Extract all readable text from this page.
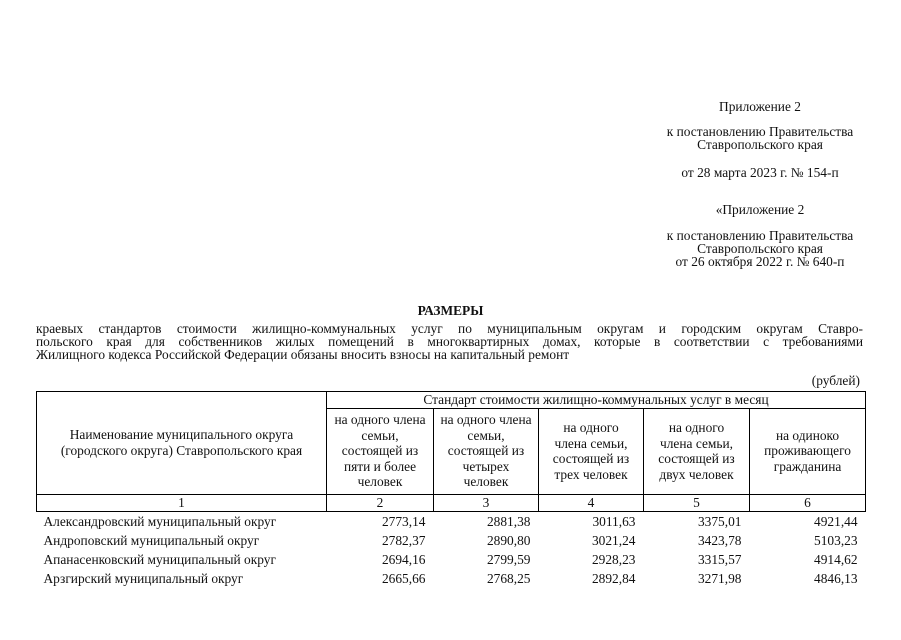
Приложение 2
к постановлению Правительства
Ставропольского края
от 28 марта 2023 г. № 154-п
«Приложение 2
к постановлению Правительства
Ставропольского края
от 26 октября 2022 г. № 640-п
РАЗМЕРЫ
краевых стандартов стоимости жилищно-коммунальных услуг по муниципальным округам и городским округам Ставро-
польского края для собственников жилых помещений в многоквартирных домах, которые в соответствии с требованиями
Жилищного кодекса Российской Федерации обязаны вносить взносы на капитальный ремонт
(рублей)
Наименование муниципального округа (городского округа) Ставропольского края	Стандарт стоимости жилищно-коммунальных услуг в месяц				
	на одного члена семьи, состоящей из пяти и более человек	на одного члена семьи, состоящей из четырех человек	на одного члена семьи, состоящей из трех человек	на одного члена семьи, состоящей из двух человек	на одиноко проживающего гражданина
1	2	3	4	5	6
Александровский муниципальный округ	2773,14	2881,38	3011,63	3375,01	4921,44
Андроповский муниципальный округ	2782,37	2890,80	3021,24	3423,78	5103,23
Апанасенковский муниципальный округ	2694,16	2799,59	2928,23	3315,57	4914,62
Арзгирский муниципальный округ	2665,66	2768,25	2892,84	3271,98	4846,13
